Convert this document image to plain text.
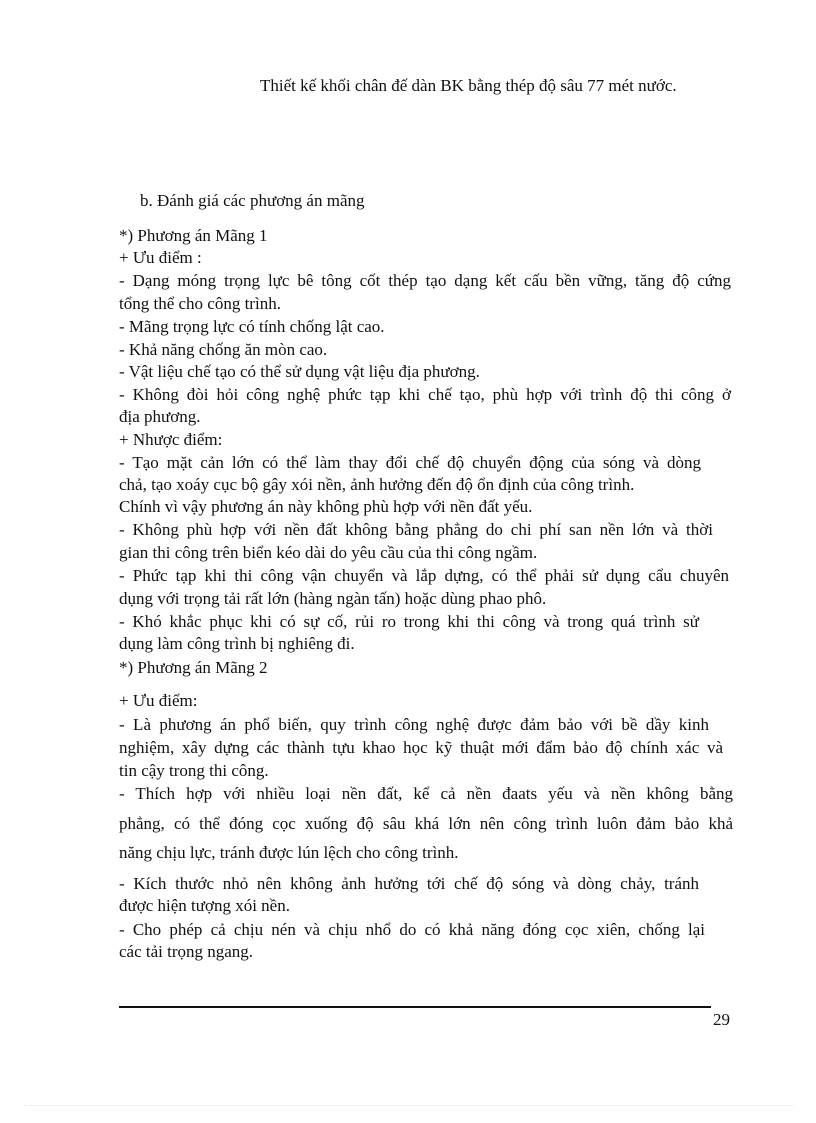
Thiết kế khối chân đế dàn BK bằng thép độ sâu 77 mét nước.
b. Đánh giá các phương án mãng
*) Phương án Mãng 1
+ Ưu điểm :
- Dạng móng trọng lực bê tông cốt thép tạo dạng kết cấu bền vững, tăng độ cứng
tổng thể cho công trình.
- Mãng trọng lực có tính chống lật cao.
- Khả năng chống ăn mòn cao.
- Vật liệu chế tạo có thể sử dụng vật liệu địa phương.
- Không đòi hỏi công nghệ phức tạp khi chế tạo, phù hợp với trình độ thi công ở
địa phương.
+ Nhược điểm:
- Tạo mặt cản lớn có thể làm thay đổi chế độ chuyển động của sóng và dòng
chả, tạo xoáy cục bộ gây xói nền, ảnh hưởng đến độ ổn định của công trình.
Chính vì vậy phương án này không phù hợp với nền đất yếu.
- Không phù hợp với nền đất không bằng phẳng do chi phí san nền lớn và thời
gian thi công trên biển kéo dài do yêu cầu của thi công ngầm.
- Phức tạp khi thi công vận chuyển và lắp dựng, có thể phải sử dụng cẩu chuyên
dụng với trọng tải rất lớn (hàng ngàn tấn) hoặc dùng phao phô.
- Khó khắc phục khi có sự cố, rủi ro trong khi thi công và trong quá trình sử
dụng làm công trình bị nghiêng đi.
*) Phương án Mãng 2
+ Ưu điểm:
- Là phương án phổ biến, quy trình công nghệ được đảm bảo với bề dầy kinh
nghiệm, xây dựng các thành tựu khao học kỹ thuật mới đẩm bảo độ chính xác và
tin cậy trong thi công.
- Thích hợp với nhiều loại nền đất, kể cả nền đaats yếu và nền không bằng
phẳng, có thể đóng cọc xuống độ sâu khá lớn nên công trình luôn đảm bảo khả
năng chịu lực, tránh được lún lệch cho công trình.
- Kích thước nhỏ nên không ảnh hưởng tới chế độ sóng và dòng chảy, tránh
được hiện tượng xói nền.
- Cho phép cả chịu nén và chịu nhổ do có khả năng đóng cọc xiên, chống lại
các tải trọng ngang.
29
